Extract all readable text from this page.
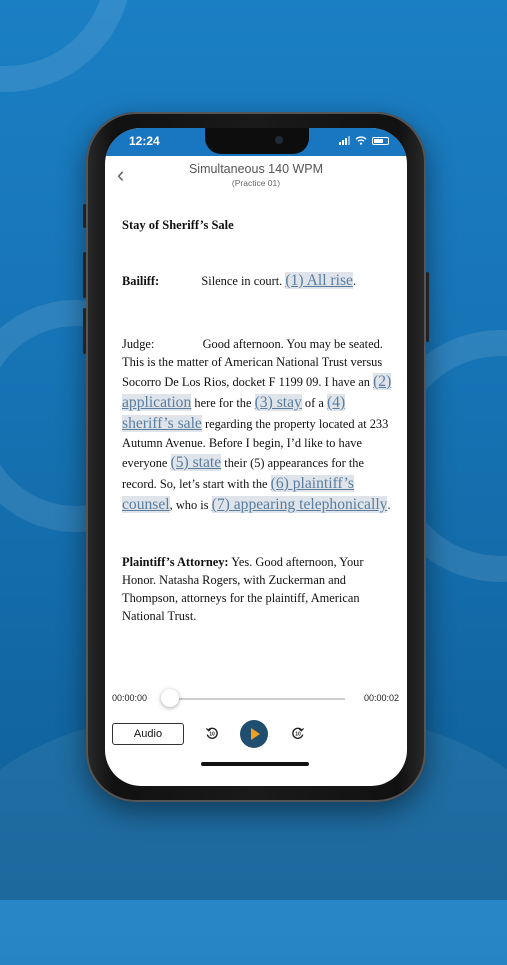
12:24
‹	Simultaneous 140 WPM
(Practice 01)

Stay of Sheriff’s Sale

Bailiff:	Silence in court. (1) All rise.

Judge:	Good afternoon. You may be seated. This is the matter of American National Trust versus Socorro De Los Rios, docket F 1199 09. I have an (2) application here for the (3) stay of a (4) sheriff’s sale regarding the property located at 233 Autumn Avenue. Before I begin, I’d like to have everyone (5) state their (5) appearances for the record. So, let’s start with the (6) plaintiff’s counsel, who is (7) appearing telephonically.

Plaintiff’s Attorney: Yes. Good afternoon, Your Honor. Natasha Rogers, with Zuckerman and Thompson, attorneys for the plaintiff, American National Trust.

00:00:00	00:00:02
Audio	10	10
